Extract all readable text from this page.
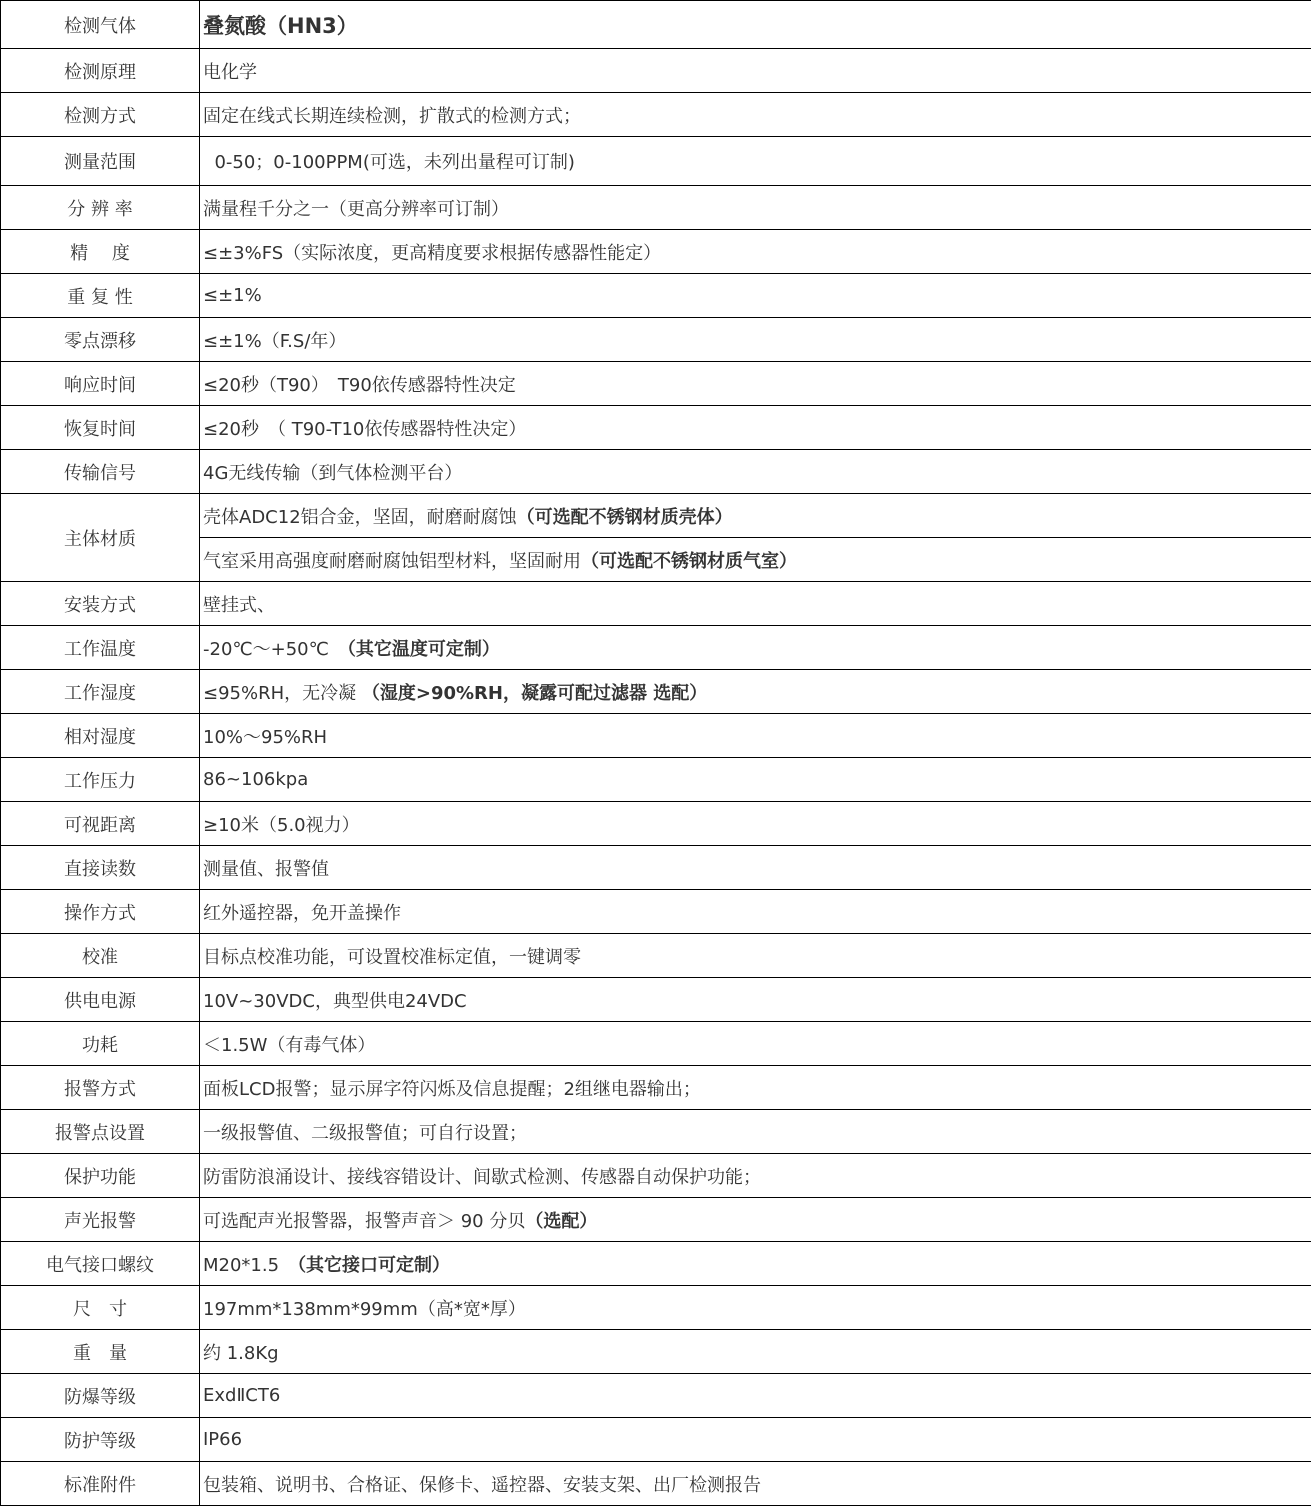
检测气体	叠氮酸（HN3）
检测原理	电化学
检测方式	固定在线式长期连续检测，扩散式的检测方式；
测量范围	0-50；0-100PPM(可选，未列出量程可订制)
分 辨 率	满量程千分之一（更高分辨率可订制）
精　 度	≤±3%FS（实际浓度，更高精度要求根据传感器性能定）
重 复 性	≤±1%
零点漂移	≤±1%（F.S/年）
响应时间	≤20秒（T90）　T90依传感器特性决定
恢复时间	≤20秒　（ T90-T10依传感器特性决定）
传输信号	4G无线传输（到气体检测平台）
主体材质	壳体ADC12铝合金，坚固，耐磨耐腐蚀（可选配不锈钢材质壳体）
	气室采用高强度耐磨耐腐蚀铝型材料，坚固耐用（可选配不锈钢材质气室）
安装方式	壁挂式、
工作温度	-20℃～+50℃　（其它温度可定制）
工作湿度	≤95%RH，无冷凝 （湿度>90%RH，凝露可配过滤器 选配）
相对湿度	10%～95%RH
工作压力	86~106kpa
可视距离	≥10米（5.0视力）
直接读数	测量值、报警值
操作方式	红外遥控器，免开盖操作
校准	目标点校准功能，可设置校准标定值，一键调零
供电电源	10V~30VDC，典型供电24VDC
功耗	＜1.5W（有毒气体）
报警方式	面板LCD报警；显示屏字符闪烁及信息提醒；2组继电器输出；
报警点设置	一级报警值、二级报警值；可自行设置；
保护功能	防雷防浪涌设计、接线容错设计、间歇式检测、传感器自动保护功能；
声光报警	可选配声光报警器，报警声音＞ 90 分贝（选配）
电气接口螺纹	M20*1.5　（其它接口可定制）
尺　寸	197mm*138mm*99mm（高*宽*厚）
重　量	约 1.8Kg
防爆等级	ExdⅡCT6
防护等级	IP66
标准附件	包装箱、说明书、合格证、保修卡、遥控器、安装支架、出厂检测报告
